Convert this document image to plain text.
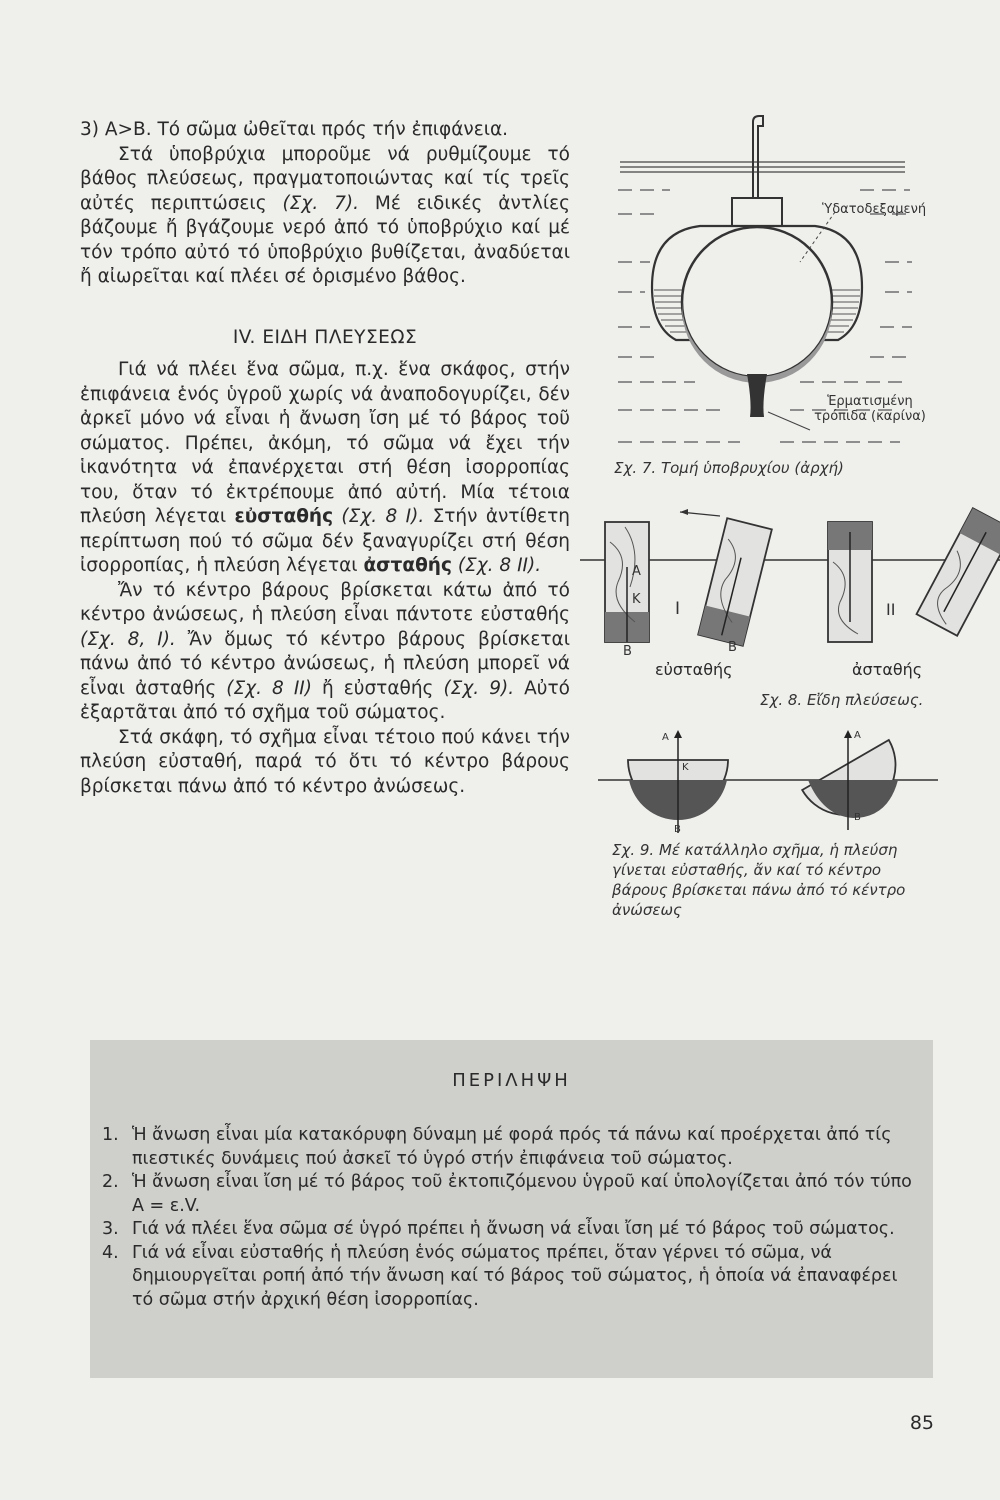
3) Α>Β. Τό σῶμα ὠθεῖται πρός τήν ἐπιφάνεια.

Στά ὑποβρύχια μποροῦμε νά ρυθμίζουμε τό βάθος πλεύσεως, πραγματοποιώντας καί τίς τρεῖς αὐτές περιπτώσεις (Σχ. 7). Μέ ειδικές ἀντλίες βάζουμε ἤ βγάζουμε νερό ἀπό τό ὑποβρύχιο καί μέ τόν τρόπο αὐτό τό ὑποβρύχιο βυθίζεται, ἀναδύεται ἤ αἰωρεῖται καί πλέει σέ ὁρισμένο βάθος.

IV. ΕΙΔΗ ΠΛΕΥΣΕΩΣ

Γιά νά πλέει ἕνα σῶμα, π.χ. ἕνα σκάφος, στήν ἐπιφάνεια ἑνός ὑγροῦ χωρίς νά ἀναποδογυρίζει, δέν ἀρκεῖ μόνο νά εἶναι ἡ ἄνωση ἴση μέ τό βάρος τοῦ σώματος. Πρέπει, ἀκόμη, τό σῶμα νά ἔχει τήν ἱκανότητα νά ἐπανέρχεται στή θέση ἰσορροπίας του, ὅταν τό ἐκτρέπουμε ἀπό αὐτή. Μία τέτοια πλεύση λέγεται εὐσταθής (Σχ. 8 Ι). Στήν ἀντίθετη περίπτωση πού τό σῶμα δέν ξαναγυρίζει στή θέση ἰσορροπίας, ἡ πλεύση λέγεται ἀσταθής (Σχ. 8 ΙΙ).

Ἄν τό κέντρο βάρους βρίσκεται κάτω ἀπό τό κέντρο ἀνώσεως, ἡ πλεύση εἶναι πάντοτε εὐσταθής (Σχ. 8, Ι). Ἄν ὅμως τό κέντρο βάρους βρίσκεται πάνω ἀπό τό κέντρο ἀνώσεως, ἡ πλεύση μπορεῖ νά εἶναι ἀσταθής (Σχ. 8 ΙΙ) ἤ εὐσταθής (Σχ. 9). Αὐτό ἐξαρτᾶται ἀπό τό σχῆμα τοῦ σώματος.

Στά σκάφη, τό σχῆμα εἶναι τέτοιο πού κάνει τήν πλεύση εὐσταθή, παρά τό ὅτι τό κέντρο βάρους βρίσκεται πάνω ἀπό τό κέντρο ἀνώσεως.

Ὑδατοδεξαμενή
Ἑρματισμένη τρόπιδα (καρίνα)
Σχ. 7. Τομή ὑποβρυχίου (ἀρχή)
Ι	ΙΙ
Α
Κ
Β	Β
εὐσταθής	ἀσταθής
Σχ. 8. Εἴδη πλεύσεως.
Α	Α
Κ
Β
Β
Σχ. 9. Μέ κατάλληλο σχῆμα, ἡ πλεύση γίνεται εὐσταθής, ἄν καί τό κέντρο βάρους βρίσκεται πάνω ἀπό τό κέντρο ἀνώσεως
ΠΕΡΙΛΗΨΗ
1. Ἡ ἄνωση εἶναι μία κατακόρυφη δύναμη μέ φορά πρός τά πάνω καί προέρχεται ἀπό τίς πιεστικές δυνάμεις πού ἀσκεῖ τό ὑγρό στήν ἐπιφάνεια τοῦ σώματος.
2. Ἡ ἄνωση εἶναι ἴση μέ τό βάρος τοῦ ἐκτοπιζόμενου ὑγροῦ καί ὑπολογίζεται ἀπό τόν τύπο Α = ε.V.
3. Γιά νά πλέει ἕνα σῶμα σέ ὑγρό πρέπει ἡ ἄνωση νά εἶναι ἴση μέ τό βάρος τοῦ σώματος.
4. Γιά νά εἶναι εὐσταθής ἡ πλεύση ἑνός σώματος πρέπει, ὅταν γέρνει τό σῶμα, νά δημιουργεῖται ροπή ἀπό τήν ἄνωση καί τό βάρος τοῦ σώματος, ἡ ὁποία νά ἐπαναφέρει τό σῶμα στήν ἀρχική θέση ἰσορροπίας.
85
